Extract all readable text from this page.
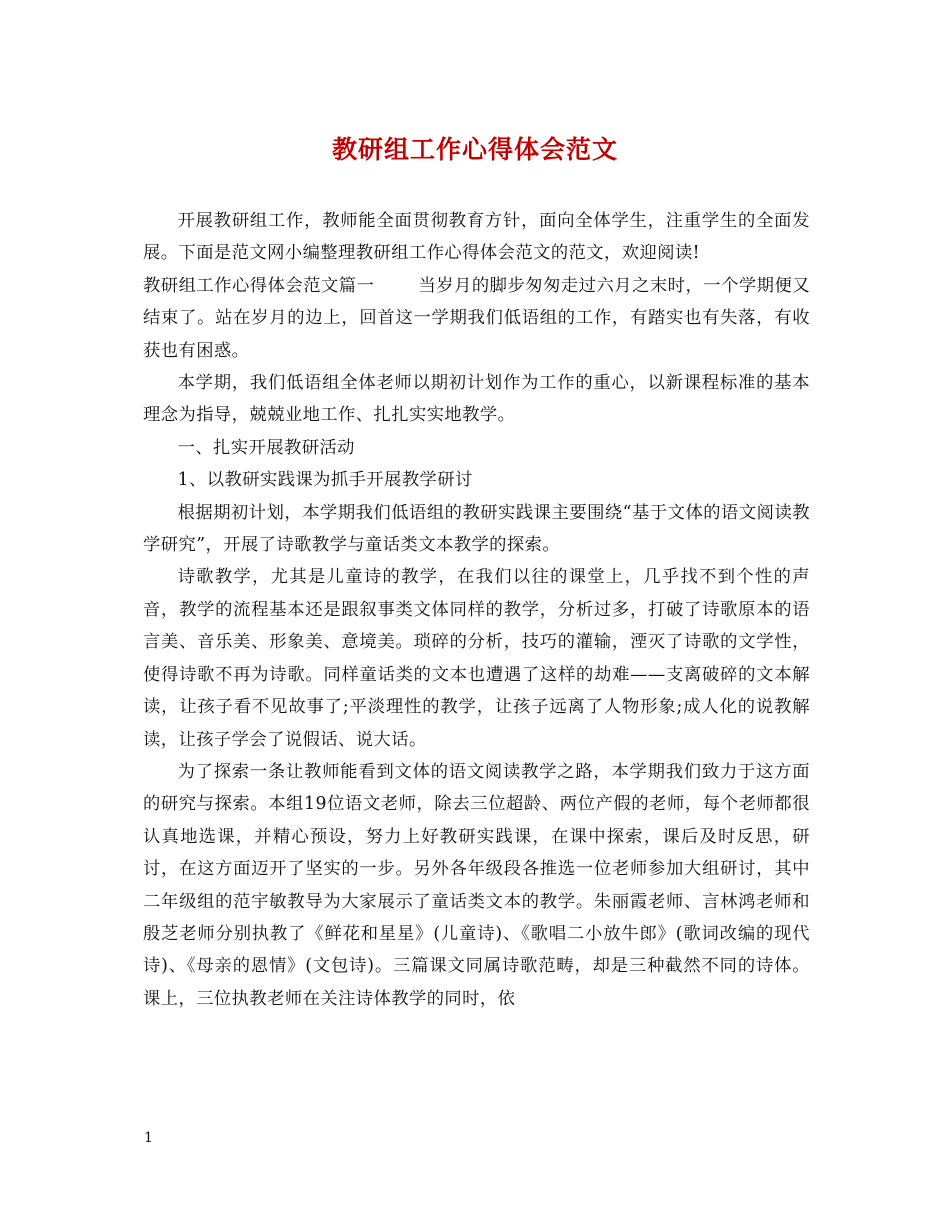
教研组工作心得体会范文

开展教研组工作，教师能全面贯彻教育方针，面向全体学生，注重学生的全面发展。下面是范文网小编整理教研组工作心得体会范文的范文，欢迎阅读!

教研组工作心得体会范文篇一	当岁月的脚步匆匆走过六月之末时，一个学期便又结束了。站在岁月的边上，回首这一学期我们低语组的工作，有踏实也有失落，有收获也有困惑。

本学期，我们低语组全体老师以期初计划作为工作的重心，以新课程标准的基本理念为指导，兢兢业地工作、扎扎实实地教学。

一、扎实开展教研活动

1、以教研实践课为抓手开展教学研讨

根据期初计划，本学期我们低语组的教研实践课主要围绕“基于文体的语文阅读教学研究”，开展了诗歌教学与童话类文本教学的探索。

诗歌教学，尤其是儿童诗的教学，在我们以往的课堂上，几乎找不到个性的声音，教学的流程基本还是跟叙事类文体同样的教学，分析过多，打破了诗歌原本的语言美、音乐美、形象美、意境美。琐碎的分析，技巧的灌输，湮灭了诗歌的文学性，使得诗歌不再为诗歌。同样童话类的文本也遭遇了这样的劫难——支离破碎的文本解读，让孩子看不见故事了;平淡理性的教学，让孩子远离了人物形象;成人化的说教解读，让孩子学会了说假话、说大话。

为了探索一条让教师能看到文体的语文阅读教学之路，本学期我们致力于这方面的研究与探索。本组19位语文老师，除去三位超龄、两位产假的老师，每个老师都很认真地选课，并精心预设，努力上好教研实践课，在课中探索，课后及时反思，研讨，在这方面迈开了坚实的一步。另外各年级段各推选一位老师参加大组研讨，其中二年级组的范宇敏教导为大家展示了童话类文本的教学。朱丽霞老师、言林鸿老师和殷芝老师分别执教了《鲜花和星星》(儿童诗)、《歌唱二小放牛郎》(歌词改编的现代诗)、《母亲的恩情》(文包诗)。三篇课文同属诗歌范畴，却是三种截然不同的诗体。课上，三位执教老师在关注诗体教学的同时，依

1
